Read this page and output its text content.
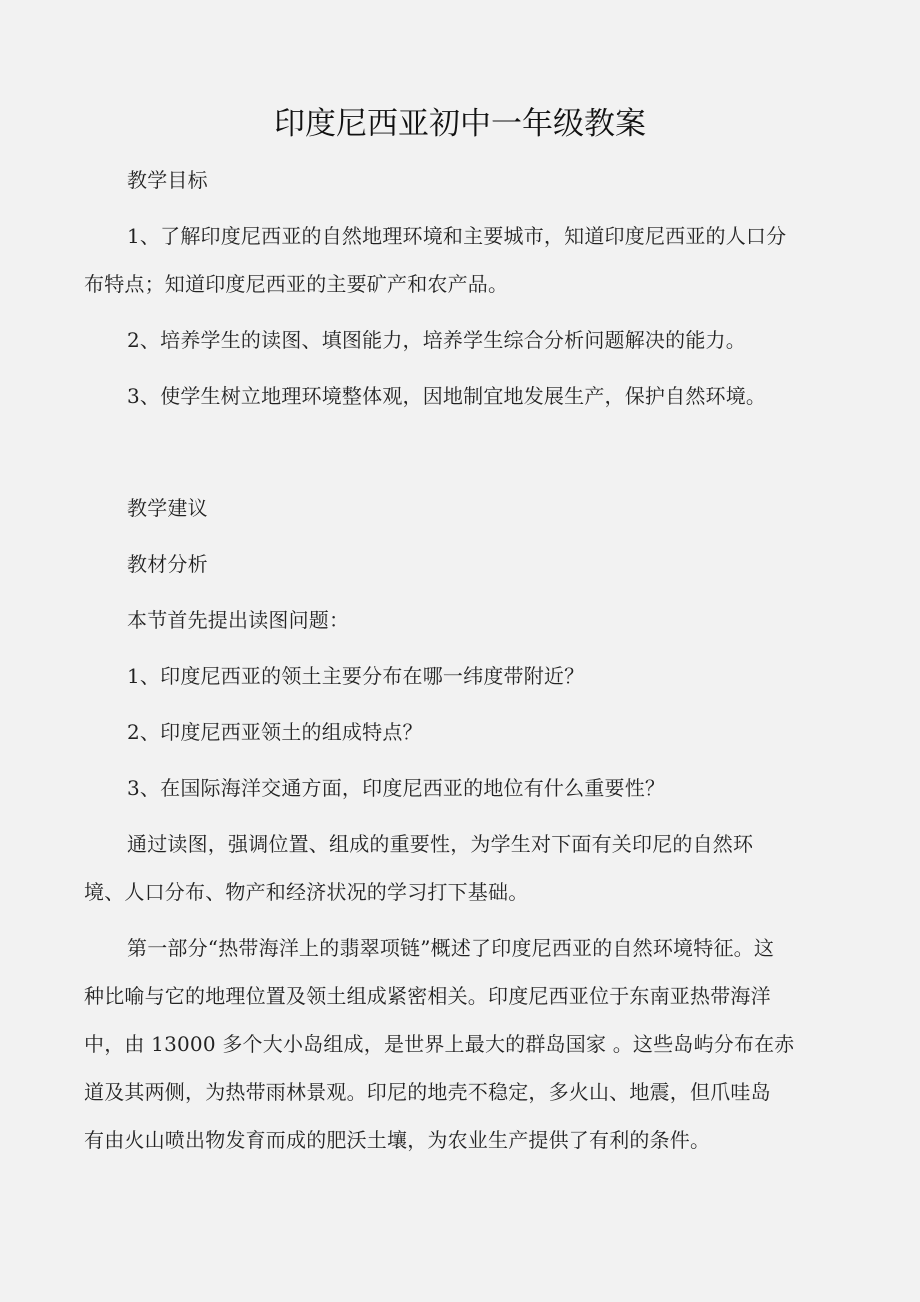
印度尼西亚初中一年级教案

教学目标

1、了解印度尼西亚的自然地理环境和主要城市，知道印度尼西亚的人口分

布特点；知道印度尼西亚的主要矿产和农产品。

2、培养学生的读图、填图能力，培养学生综合分析问题解决的能力。

3、使学生树立地理环境整体观，因地制宜地发展生产，保护自然环境。

教学建议

教材分析

本节首先提出读图问题：

1、印度尼西亚的领土主要分布在哪一纬度带附近？

2、印度尼西亚领土的组成特点？

3、在国际海洋交通方面，印度尼西亚的地位有什么重要性？

通过读图，强调位置、组成的重要性，为学生对下面有关印尼的自然环

境、人口分布、物产和经济状况的学习打下基础。

第一部分“热带海洋上的翡翠项链”概述了印度尼西亚的自然环境特征。这

种比喻与它的地理位置及领土组成紧密相关。印度尼西亚位于东南亚热带海洋

中，由 13000 多个大小岛组成，是世界上最大的群岛国家 。这些岛屿分布在赤

道及其两侧，为热带雨林景观。印尼的地壳不稳定，多火山、地震，但爪哇岛

有由火山喷出物发育而成的肥沃土壤，为农业生产提供了有利的条件。
